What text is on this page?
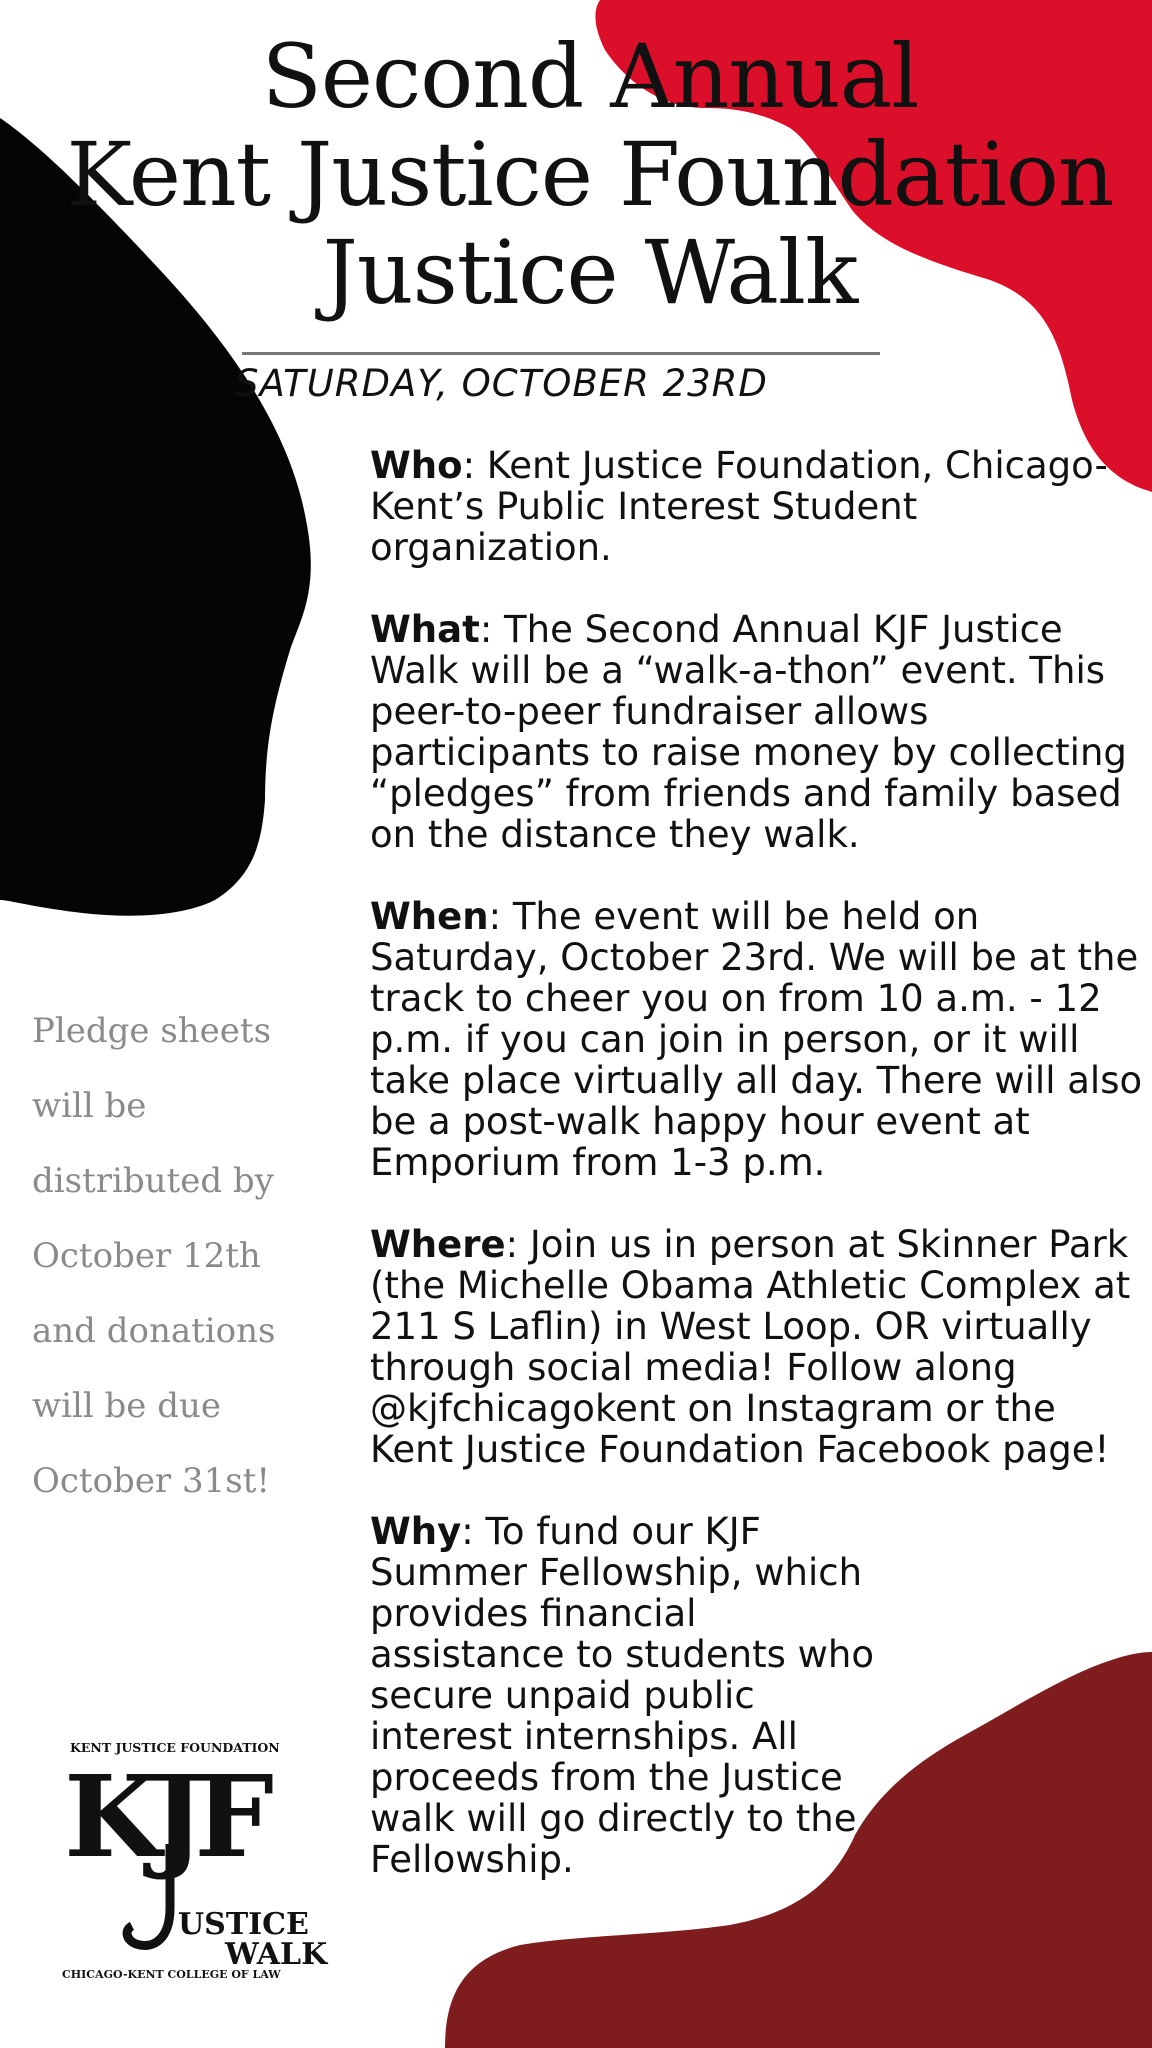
Second Annual
Kent Justice Foundation
Justice Walk
SATURDAY, OCTOBER 23RD

Who: Kent Justice Foundation, Chicago-Kent’s Public Interest Student organization.

What: The Second Annual KJF Justice Walk will be a “walk-a-thon” event. This peer-to-peer fundraiser allows participants to raise money by collecting “pledges” from friends and family based on the distance they walk.

When: The event will be held on Saturday, October 23rd. We will be at the track to cheer you on from 10 a.m. - 12 p.m. if you can join in person, or it will take place virtually all day. There will also be a post-walk happy hour event at Emporium from 1-3 p.m.

Where: Join us in person at Skinner Park (the Michelle Obama Athletic Complex at 211 S Laflin) in West Loop. OR virtually through social media! Follow along @kjfchicagokent on Instagram or the Kent Justice Foundation Facebook page!

Why: To fund our KJF Summer Fellowship, which provides financial assistance to students who secure unpaid public interest internships. All proceeds from the Justice walk will go directly to the Fellowship.

Pledge sheets
will be
distributed by
October 12th
and donations
will be due
October 31st!
KENT JUSTICE FOUNDATION
KJF
USTICE
WALK
CHICAGO-KENT COLLEGE OF LAW
